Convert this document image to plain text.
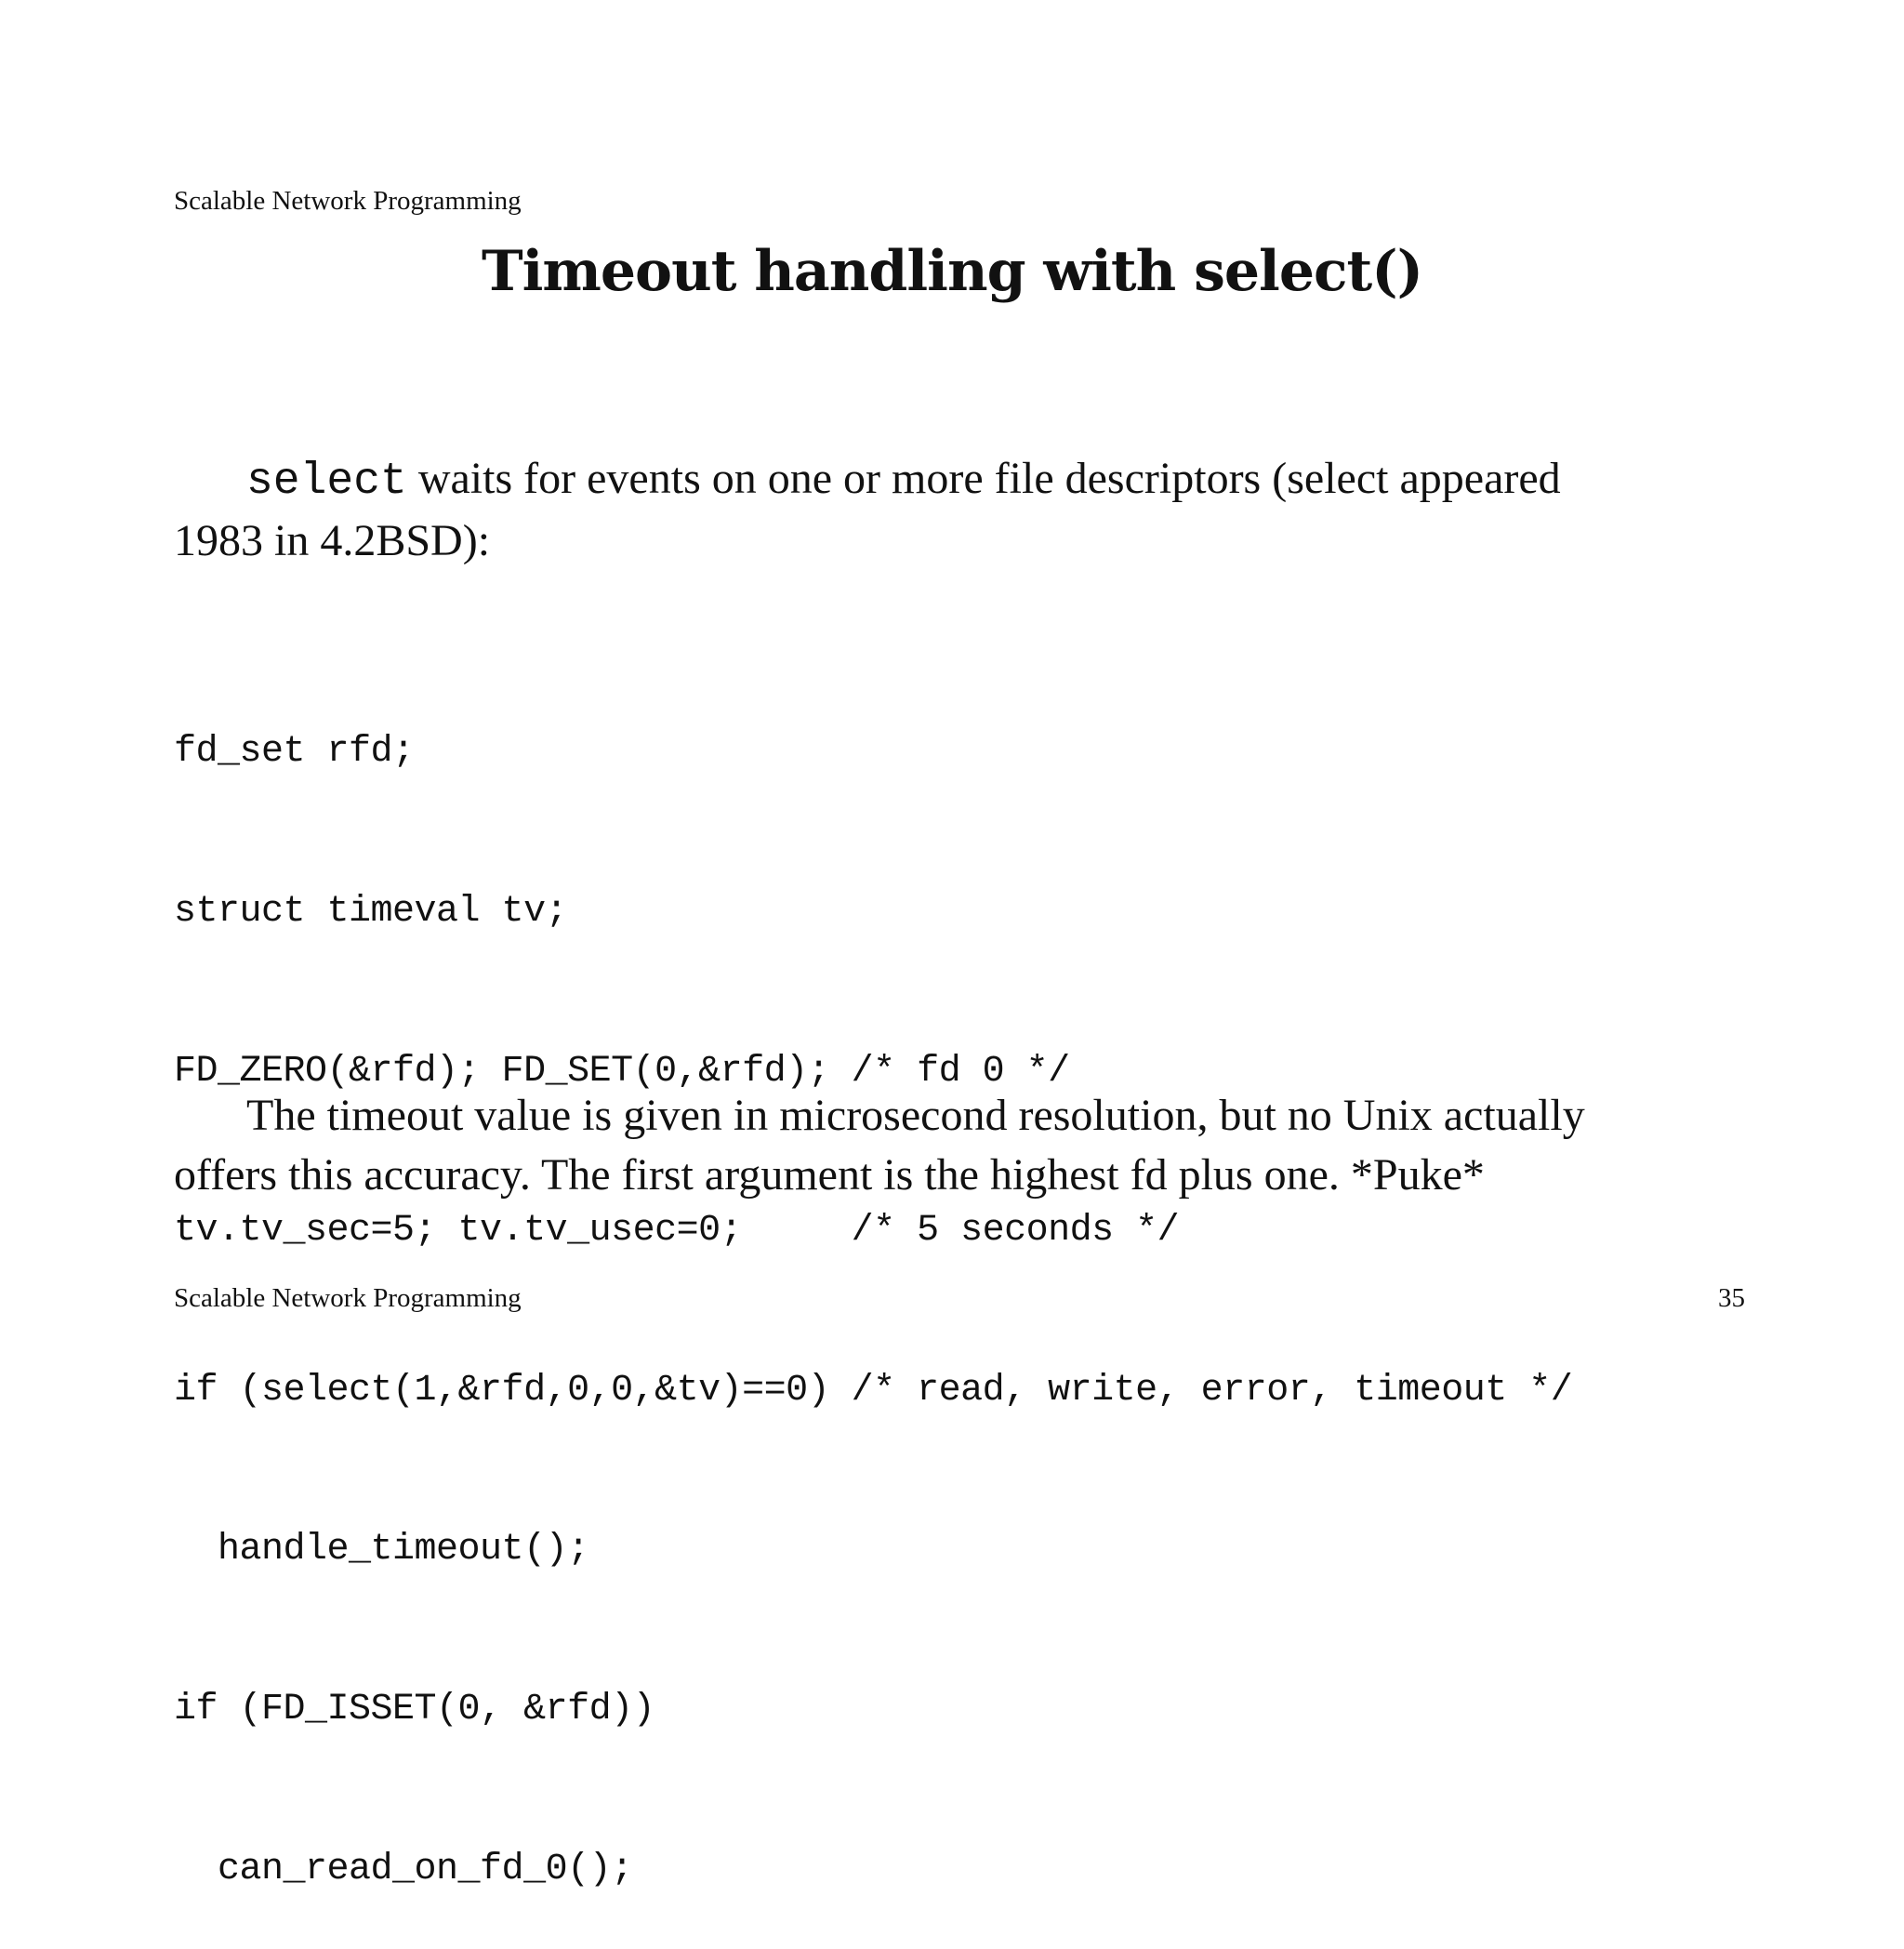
Scalable Network Programming
Timeout handling with select()
select waits for events on one or more file descriptors (select appeared
1983 in 4.2BSD):

fd_set rfd;

struct timeval tv;

FD_ZERO(&rfd); FD_SET(0,&rfd); /* fd 0 */

tv.tv_sec=5; tv.tv_usec=0;     /* 5 seconds */

if (select(1,&rfd,0,0,&tv)==0) /* read, write, error, timeout */

handle_timeout();

if (FD_ISSET(0, &rfd))

can_read_on_fd_0();

The timeout value is given in microsecond resolution, but no Unix actually
offers this accuracy. The first argument is the highest fd plus one. *Puke*
Scalable Network Programming	35
